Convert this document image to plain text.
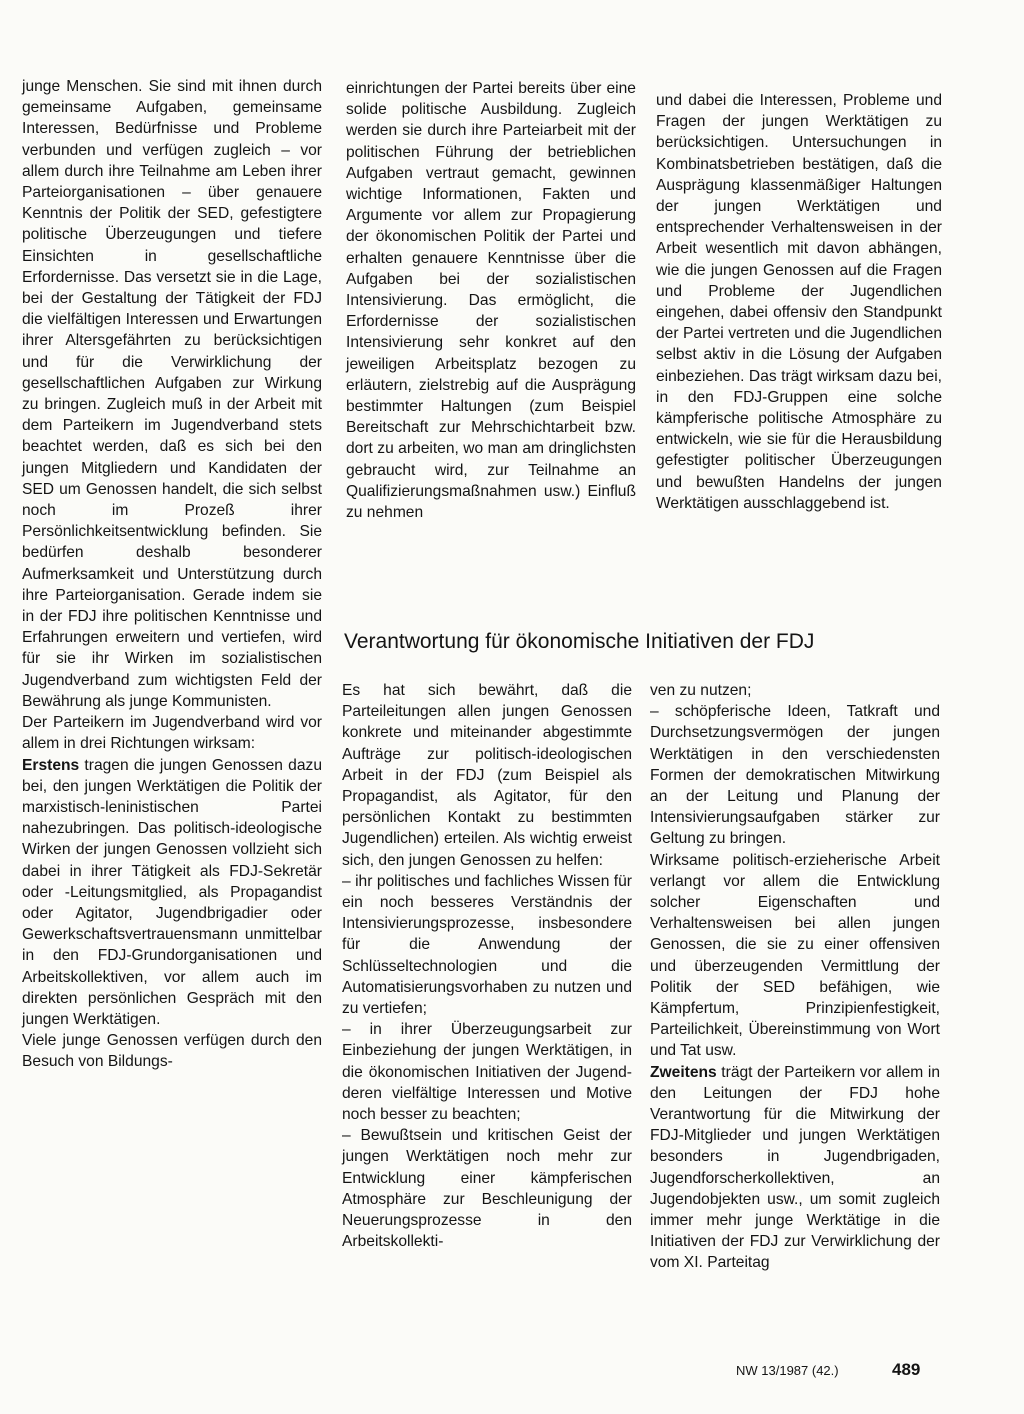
junge Menschen. Sie sind mit ihnen durch gemeinsame Aufgaben, gemeinsame Interessen, Bedürfnisse und Probleme verbunden und verfügen zugleich – vor allem durch ihre Teilnahme am Leben ihrer Parteiorganisationen – über genauere Kenntnis der Politik der SED, gefestigtere politische Überzeugungen und tiefere Einsichten in gesellschaftliche Erfordernisse. Das versetzt sie in die Lage, bei der Gestaltung der Tätigkeit der FDJ die vielfältigen Interessen und Erwartungen ihrer Altersgefährten zu berücksichtigen und für die Verwirklichung der gesellschaftlichen Aufgaben zur Wirkung zu bringen. Zugleich muß in der Arbeit mit dem Parteikern im Jugendverband stets beachtet werden, daß es sich bei den jungen Mitgliedern und Kandidaten der SED um Genossen handelt, die sich selbst noch im Prozeß ihrer Persönlichkeitsentwicklung befinden. Sie bedürfen deshalb besonderer Aufmerksamkeit und Unterstützung durch ihre Parteiorganisation. Gerade indem sie in der FDJ ihre politischen Kenntnisse und Erfahrungen erweitern und vertiefen, wird für sie ihr Wirken im sozialistischen Jugendverband zum wichtigsten Feld der Bewährung als junge Kommunisten.

Der Parteikern im Jugendverband wird vor allem in drei Richtungen wirksam:

Erstens tragen die jungen Genossen dazu bei, den jungen Werktätigen die Politik der marxistisch-leninistischen Partei nahezubringen. Das politisch-ideologische Wirken der jungen Genossen vollzieht sich dabei in ihrer Tätigkeit als FDJ-Sekretär oder -Leitungsmitglied, als Propagandist oder Agitator, Jugendbrigadier oder Gewerkschaftsvertrauensmann unmittelbar in den FDJ-Grundorganisationen und Arbeitskollektiven, vor allem auch im direkten persönlichen Gespräch mit den jungen Werktätigen.

Viele junge Genossen verfügen durch den Besuch von Bildungs-

einrichtungen der Partei bereits über eine solide politische Ausbildung. Zugleich werden sie durch ihre Parteiarbeit mit der politischen Führung der betrieblichen Aufgaben vertraut gemacht, gewinnen wichtige Informationen, Fakten und Argumente vor allem zur Propagierung der ökonomischen Politik der Partei und erhalten genauere Kenntnisse über die Aufgaben bei der sozialistischen Intensivierung. Das ermöglicht, die Erfordernisse der sozialistischen Intensivierung sehr konkret auf den jeweiligen Arbeitsplatz bezogen zu erläutern, zielstrebig auf die Ausprägung bestimmter Haltungen (zum Beispiel Bereitschaft zur Mehrschichtarbeit bzw. dort zu arbeiten, wo man am dringlichsten gebraucht wird, zur Teilnahme an Qualifizierungsmaßnahmen usw.) Einfluß zu nehmen

und dabei die Interessen, Probleme und Fragen der jungen Werktätigen zu berücksichtigen. Untersuchungen in Kombinatsbetrieben bestätigen, daß die Ausprägung klassenmäßiger Haltungen der jungen Werktätigen und entsprechender Verhaltensweisen in der Arbeit wesentlich mit davon abhängen, wie die jungen Genossen auf die Fragen und Probleme der Jugendlichen eingehen, dabei offensiv den Standpunkt der Partei vertreten und die Jugendlichen selbst aktiv in die Lösung der Aufgaben einbeziehen. Das trägt wirksam dazu bei, in den FDJ-Gruppen eine solche kämpferische politische Atmosphäre zu entwickeln, wie sie für die Herausbildung gefestigter politischer Überzeugungen und bewußten Handelns der jungen Werktätigen ausschlaggebend ist.

Verantwortung für ökonomische Initiativen der FDJ

Es hat sich bewährt, daß die Parteileitungen allen jungen Genossen konkrete und miteinander abgestimmte Aufträge zur politisch-ideologischen Arbeit in der FDJ (zum Beispiel als Propagandist, als Agitator, für den persönlichen Kontakt zu bestimmten Jugendlichen) erteilen. Als wichtig erweist sich, den jungen Genossen zu helfen:

– ihr politisches und fachliches Wissen für ein noch besseres Verständnis der Intensivierungsprozesse, insbesondere für die Anwendung der Schlüsseltechnologien und die Automatisierungsvorhaben zu nutzen und zu vertiefen;

– in ihrer Überzeugungsarbeit zur Einbeziehung der jungen Werktätigen, in die ökonomischen Initiativen der Jugend- deren vielfältige Interessen und Motive noch besser zu beachten;

– Bewußtsein und kritischen Geist der jungen Werktätigen noch mehr zur Entwicklung einer kämpferischen Atmosphäre zur Beschleunigung der Neuerungsprozesse in den Arbeitskollekti-

ven zu nutzen;

– schöpferische Ideen, Tatkraft und Durchsetzungsvermögen der jungen Werktätigen in den verschiedensten Formen der demokratischen Mitwirkung an der Leitung und Planung der Intensivierungsaufgaben stärker zur Geltung zu bringen.

Wirksame politisch-erzieherische Arbeit verlangt vor allem die Entwicklung solcher Eigenschaften und Verhaltensweisen bei allen jungen Genossen, die sie zu einer offensiven und überzeugenden Vermittlung der Politik der SED befähigen, wie Kämpfertum, Prinzipienfestigkeit, Parteilichkeit, Übereinstimmung von Wort und Tat usw.

Zweitens trägt der Parteikern vor allem in den Leitungen der FDJ hohe Verantwortung für die Mitwirkung der FDJ-Mitglieder und jungen Werktätigen besonders in Jugendbrigaden, Jugendforscherkollektiven, an Jugendobjekten usw., um somit zugleich immer mehr junge Werktätige in die Initiativen der FDJ zur Verwirklichung der vom XI. Parteitag

NW 13/1987 (42.)	489
